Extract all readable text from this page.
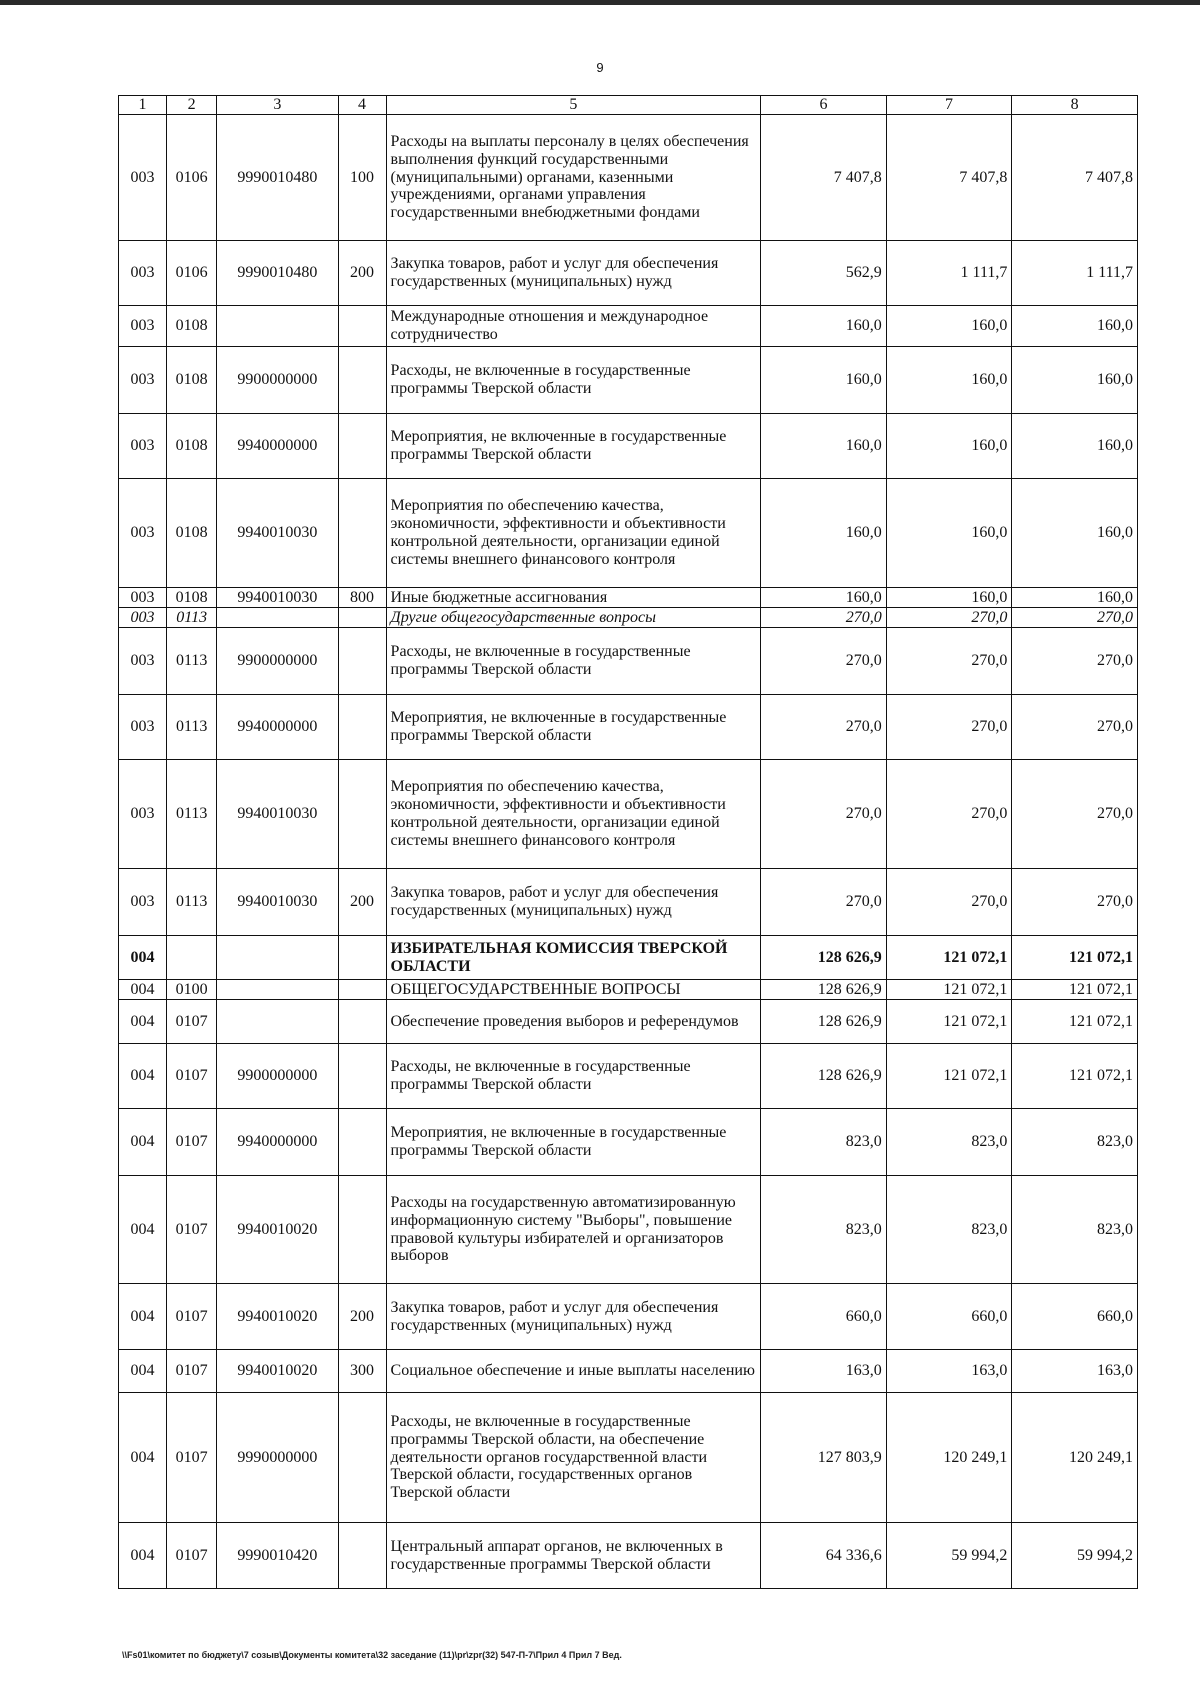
9
1	2	3	4	5	6	7	8
003	0106	9990010480	100	Расходы на выплаты персоналу в целях обеспечения выполнения функций государственными (муниципальными) органами, казенными учреждениями, органами управления государственными внебюджетными фондами	7 407,8	7 407,8	7 407,8
003	0106	9990010480	200	Закупка товаров, работ и услуг для обеспечения государственных (муниципальных) нужд	562,9	1 111,7	1 111,7
003	0108			Международные отношения и международное сотрудничество	160,0	160,0	160,0
003	0108	9900000000		Расходы, не включенные в государственные программы Тверской области	160,0	160,0	160,0
003	0108	9940000000		Мероприятия, не включенные в государственные программы Тверской области	160,0	160,0	160,0
003	0108	9940010030		Мероприятия по обеспечению качества, экономичности, эффективности и объективности контрольной деятельности, организации единой системы внешнего финансового контроля	160,0	160,0	160,0
003	0108	9940010030	800	Иные бюджетные ассигнования	160,0	160,0	160,0
003	0113			Другие общегосударственные вопросы	270,0	270,0	270,0
003	0113	9900000000		Расходы, не включенные в государственные программы Тверской области	270,0	270,0	270,0
003	0113	9940000000		Мероприятия, не включенные в государственные программы Тверской области	270,0	270,0	270,0
003	0113	9940010030		Мероприятия по обеспечению качества, экономичности, эффективности и объективности контрольной деятельности, организации единой системы внешнего финансового контроля	270,0	270,0	270,0
003	0113	9940010030	200	Закупка товаров, работ и услуг для обеспечения государственных (муниципальных) нужд	270,0	270,0	270,0
004				ИЗБИРАТЕЛЬНАЯ КОМИССИЯ ТВЕРСКОЙ ОБЛАСТИ	128 626,9	121 072,1	121 072,1
004	0100			ОБЩЕГОСУДАРСТВЕННЫЕ ВОПРОСЫ	128 626,9	121 072,1	121 072,1
004	0107			Обеспечение проведения выборов и референдумов	128 626,9	121 072,1	121 072,1
004	0107	9900000000		Расходы, не включенные в государственные программы Тверской области	128 626,9	121 072,1	121 072,1
004	0107	9940000000		Мероприятия, не включенные в государственные программы Тверской области	823,0	823,0	823,0
004	0107	9940010020		Расходы на государственную автоматизированную информационную систему "Выборы", повышение правовой культуры избирателей и организаторов выборов	823,0	823,0	823,0
004	0107	9940010020	200	Закупка товаров, работ и услуг для обеспечения государственных (муниципальных) нужд	660,0	660,0	660,0
004	0107	9940010020	300	Социальное обеспечение и иные выплаты населению	163,0	163,0	163,0
004	0107	9990000000		Расходы, не включенные в государственные программы Тверской области, на обеспечение деятельности органов государственной власти Тверской области, государственных органов Тверской области	127 803,9	120 249,1	120 249,1
004	0107	9990010420		Центральный аппарат органов, не включенных в государственные программы Тверской области	64 336,6	59 994,2	59 994,2
\\Fs01\комитет по бюджету\7 созыв\Документы комитета\32 заседание (11)\pr\zpr(32) 547-П-7\Прил 4 Прил 7 Вед.
